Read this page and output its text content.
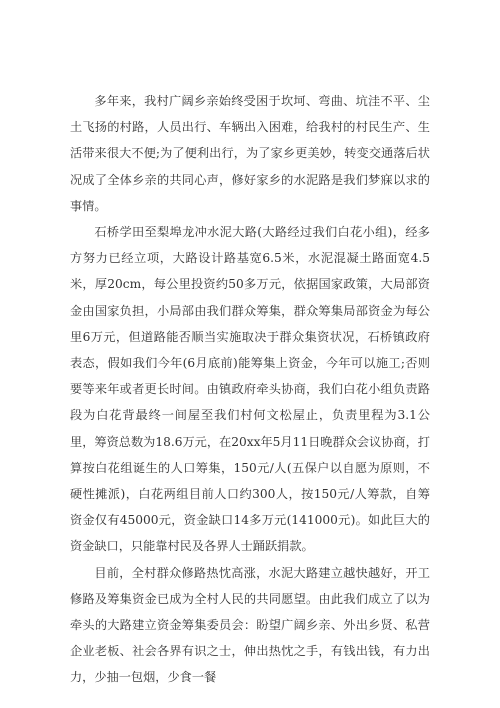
多年来，我村广阔乡亲始终受困于坎坷、弯曲、坑洼不平、尘土飞扬的村路，人员出行、车辆出入困难，给我村的村民生产、生活带来很大不便;为了便利出行，为了家乡更美妙，转变交通落后状况成了全体乡亲的共同心声，修好家乡的水泥路是我们梦寐以求的事情。

石桥学田至梨埠龙冲水泥大路(大路经过我们白花小组)，经多方努力已经立项，大路设计路基宽6.5米，水泥混凝土路面宽4.5米，厚20cm，每公里投资约50多万元，依据国家政策，大局部资金由国家负担，小局部由我们群众筹集，群众筹集局部资金为每公里6万元，但道路能否顺当实施取决于群众集资状况，石桥镇政府表态，假如我们今年(6月底前)能筹集上资金，今年可以施工;否则要等来年或者更长时间。由镇政府牵头协商，我们白花小组负责路段为白花背最终一间屋至我们村何文松屋止，负责里程为3.1公里，筹资总数为18.6万元，在20xx年5月11日晚群众会议协商，打算按白花组诞生的人口筹集，150元/人(五保户以自愿为原则，不硬性摊派)，白花两组目前人口约300人，按150元/人筹款，自筹资金仅有45000元，资金缺口14多万元(141000元)。如此巨大的资金缺口，只能靠村民及各界人士踊跃捐款。

目前，全村群众修路热忱高涨，水泥大路建立越快越好，开工修路及筹集资金已成为全村人民的共同愿望。由此我们成立了以为牵头的大路建立资金筹集委员会：盼望广阔乡亲、外出乡贤、私营企业老板、社会各界有识之士，伸出热忱之手，有钱出钱，有力出力，少抽一包烟，少食一餐
